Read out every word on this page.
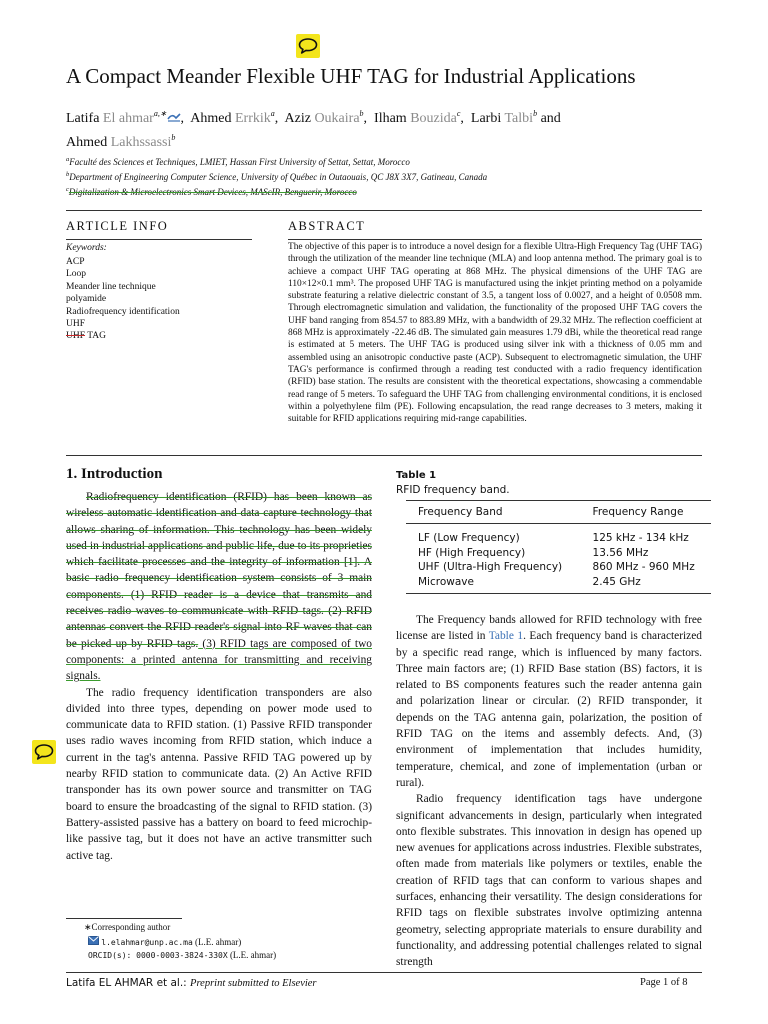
A Compact Meander Flexible UHF TAG for Industrial Applications
Latifa El ahmar$^{a,∗}$ ,  Ahmed Errkik$^a$,  Aziz Oukaira$^b$,  Ilham Bouzida$^c$,  Larbi Talbi$^b$ and
Ahmed Lakhssassi$^b$
$^a$Faculté des Sciences et Techniques, LMIET, Hassan First University of Settat, Settat, Morocco
$^b$Department of Engineering Computer Science, University of Québec in Outaouais, QC J8X 3X7, Gatineau, Canada
$^c$Digitalization & Microelectronics Smart Devices, MAScIR, Benguerir, Morocco
ARTICLE INFO
Keywords:
ACP
Loop
Meander line technique
polyamide
Radiofrequency identification
UHF
UHF TAG
ABSTRACT
The objective of this paper is to introduce a novel design for a flexible Ultra-High Frequency Tag (UHF TAG) through the utilization of the meander line technique (MLA) and loop antenna method. The primary goal is to achieve a compact UHF TAG operating at 868 MHz. The physical dimensions of the UHF TAG are 110×12×0.1 mm³. The proposed UHF TAG is manufactured using the inkjet printing method on a polyamide substrate featuring a relative dielectric constant of 3.5, a tangent loss of 0.0027, and a height of 0.0508 mm. Through electromagnetic simulation and validation, the functionality of the proposed UHF TAG covers the UHF band ranging from 854.57 to 883.89 MHz, with a bandwidth of 29.32 MHz. The reflection coefficient at 868 MHz is approximately -22.46 dB. The simulated gain measures 1.79 dBi, while the theoretical read range is estimated at 5 meters. The UHF TAG is produced using silver ink with a thickness of 0.05 mm and assembled using an anisotropic conductive paste (ACP). Subsequent to electromagnetic simulation, the UHF TAG's performance is confirmed through a reading test conducted with a radio frequency identification (RFID) base station. The results are consistent with the theoretical expectations, showcasing a commendable read range of 5 meters. To safeguard the UHF TAG from challenging environmental conditions, it is enclosed within a polyethylene film (PE). Following encapsulation, the read range decreases to 3 meters, making it suitable for RFID applications requiring mid-range capabilities.
1. Introduction

Radiofrequency identification (RFID) has been known as wireless automatic identification and data capture technology that allows sharing of information. This technology has been widely used in industrial applications and public life, due to its proprieties which facilitate processes and the integrity of information [1]. A basic radio frequency identification system consists of 3 main components. (1) RFID reader is a device that transmits and receives radio waves to communicate with RFID tags. (2) RFID antennas convert the RFID reader's signal into RF waves that can be picked up by RFID tags. (3) RFID tags are composed of two components: a printed antenna for transmitting and receiving signals.

The radio frequency identification transponders are also divided into three types, depending on power mode used to communicate data to RFID station. (1) Passive RFID transponder uses radio waves incoming from RFID station, which induce a current in the tag's antenna. Passive RFID TAG powered up by nearby RFID station to communicate data. (2) An Active RFID transponder has its own power source and transmitter on TAG board to ensure the broadcasting of the signal to RFID station. (3) Battery-assisted passive has a battery on board to feed microchip-like passive tag, but it does not have an active transmitter such active tag.

Table 1
RFID frequency band.
Frequency Band	Frequency Range
LF (Low Frequency)	125 kHz - 134 kHz
HF (High Frequency)	13.56 MHz
UHF (Ultra-High Frequency)	860 MHz - 960 MHz
Microwave	2.45 GHz

The Frequency bands allowed for RFID technology with free license are listed in Table 1. Each frequency band is characterized by a specific read range, which is influenced by many factors. Three main factors are; (1) RFID Base station (BS) factors, it is related to BS components features such the reader antenna gain and polarization linear or circular. (2) RFID transponder, it depends on the TAG antenna gain, polarization, the position of RFID TAG on the items and assembly defects. And, (3) environment of implementation that includes humidity, temperature, chemical, and zone of implementation (urban or rural).

Radio frequency identification tags have undergone significant advancements in design, particularly when integrated onto flexible substrates. This innovation in design has opened up new avenues for applications across industries. Flexible substrates, often made from materials like polymers or textiles, enable the creation of RFID tags that can conform to various shapes and surfaces, enhancing their versatility. The design considerations for RFID tags on flexible substrates involve optimizing antenna geometry, selecting appropriate materials to ensure durability and functionality, and addressing potential challenges related to signal strength

∗Corresponding author
l.elahmar@unp.ac.ma (L.E. ahmar)
ORCID(s): 0000-0003-3824-330X (L.E. ahmar)
Latifa EL AHMAR et al.: Preprint submitted to Elsevier	Page 1 of 8
